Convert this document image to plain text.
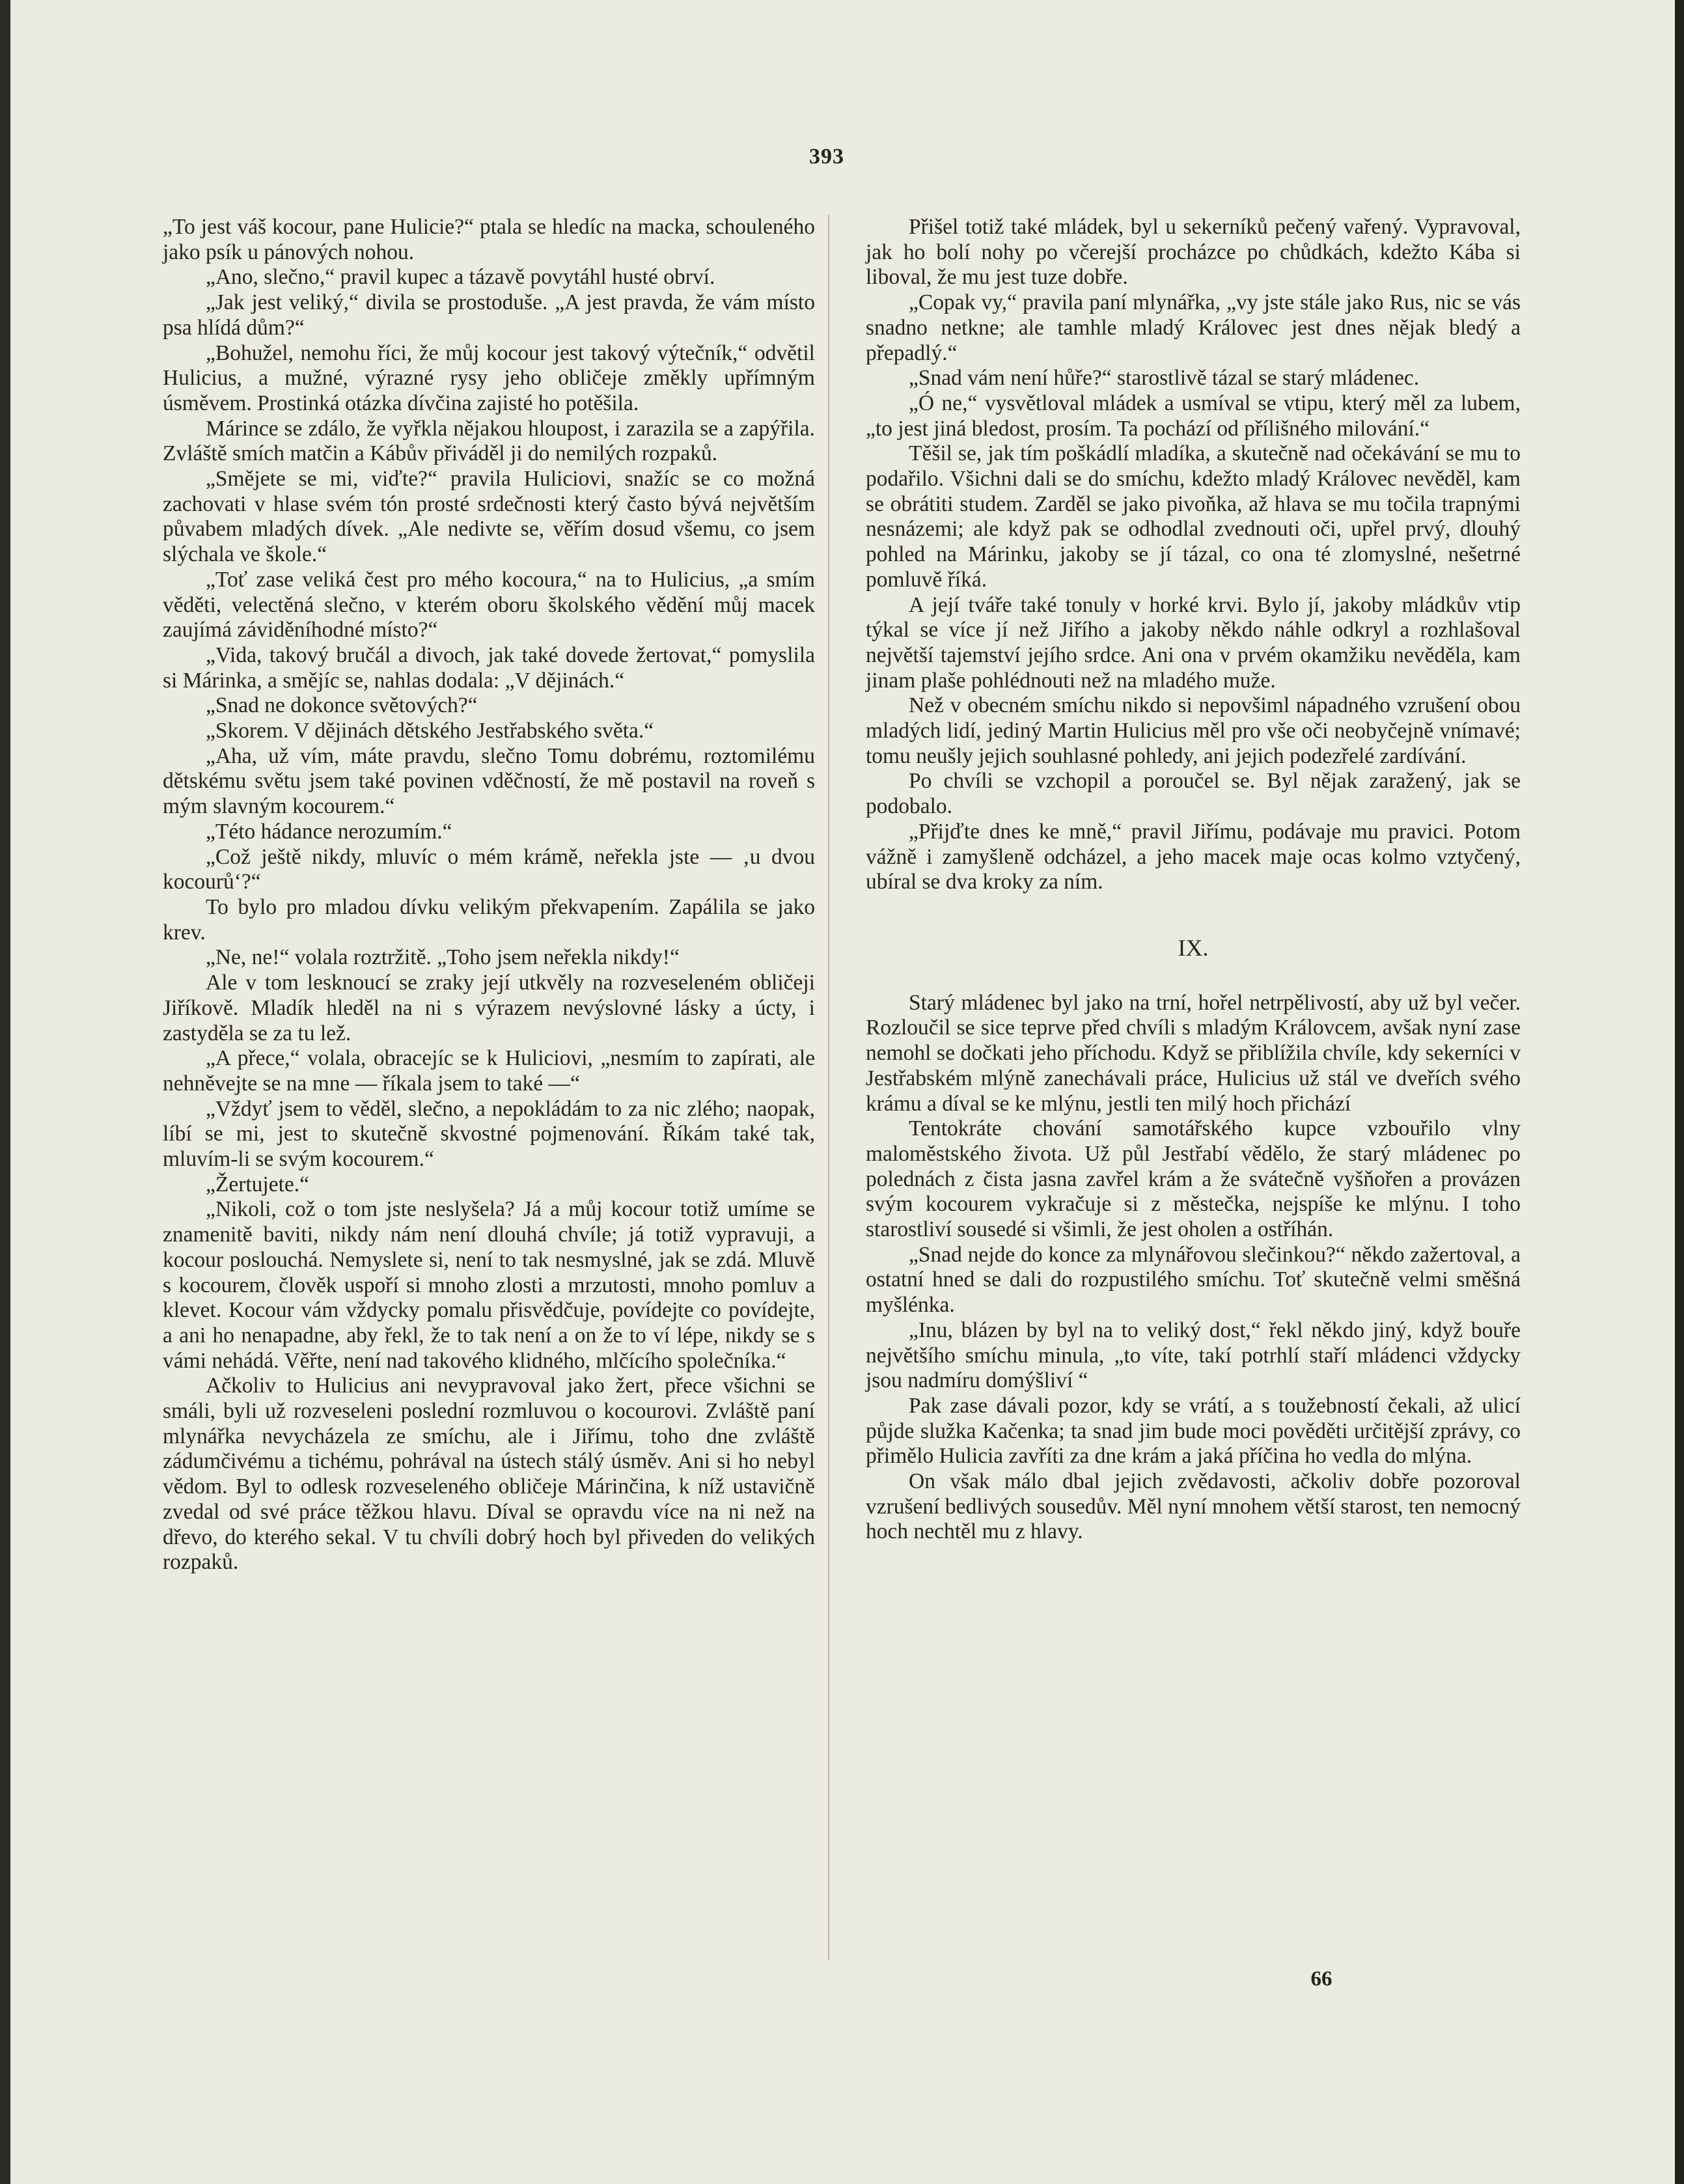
393

„To jest váš kocour, pane Hulicie?“ ptala se hledíc na macka, schouleného jako psík u pánových nohou.

„Ano, slečno,“ pravil kupec a tázavě povytáhl husté obrví.

„Jak jest veliký,“ divila se prostoduše. „A jest pravda, že vám místo psa hlídá dům?“

„Bohužel, nemohu říci, že můj kocour jest takový výtečník,“ odvětil Hulicius, a mužné, výrazné rysy jeho obličeje změkly upřímným úsměvem. Prostinká otázka dívčina zajisté ho potěšila.

Márince se zdálo, že vyřkla nějakou hloupost, i zarazila se a zapýřila. Zvláště smích matčin a Kábův přiváděl ji do nemilých rozpaků.

„Smějete se mi, viďte?“ pravila Huliciovi, snažíc se co možná zachovati v hlase svém tón prosté srdečnosti který často bývá největším půvabem mladých dívek. „Ale nedivte se, věřím dosud všemu, co jsem slýchala ve škole.“

„Toť zase veliká čest pro mého kocoura,“ na to Hulicius, „a smím věděti, velectěná slečno, v kterém oboru školského vědění můj macek zaujímá záviděníhodné místo?“

„Vida, takový bručál a divoch, jak také dovede žertovat,“ pomyslila si Márinka, a smějíc se, nahlas dodala: „V dějinách.“

„Snad ne dokonce světových?“

„Skorem. V dějinách dětského Jestřabského světa.“

„Aha, už vím, máte pravdu, slečno Tomu dobrému, roztomilému dětskému světu jsem také povinen vděčností, že mě postavil na roveň s mým slavným kocourem.“

„Této hádance nerozumím.“

„Což ještě nikdy, mluvíc o mém krámě, neřekla jste — ‚u dvou kocourů‘?“

To bylo pro mladou dívku velikým překvapením. Zapálila se jako krev.

„Ne, ne!“ volala roztržitě. „Toho jsem neřekla nikdy!“

Ale v tom lesknoucí se zraky její utkvěly na rozveseleném obličeji Jiříkově. Mladík hleděl na ni s výrazem nevýslovné lásky a úcty, i zastyděla se za tu lež.

„A přece,“ volala, obracejíc se k Huliciovi, „nesmím to zapírati, ale nehněvejte se na mne — říkala jsem to také —“

„Vždyť jsem to věděl, slečno, a nepokládám to za nic zlého; naopak, líbí se mi, jest to skutečně skvostné pojmenování. Říkám také tak, mluvím-li se svým kocourem.“

„Žertujete.“

„Nikoli, což o tom jste neslyšela? Já a můj kocour totiž umíme se znamenitě baviti, nikdy nám není dlouhá chvíle; já totiž vypravuji, a kocour poslouchá. Nemyslete si, není to tak nesmyslné, jak se zdá. Mluvě s kocourem, člověk uspoří si mnoho zlosti a mrzutosti, mnoho pomluv a klevet. Kocour vám vždycky pomalu přisvědčuje, povídejte co povídejte, a ani ho nenapadne, aby řekl, že to tak není a on že to ví lépe, nikdy se s vámi nehádá. Věřte, není nad takového klidného, mlčícího společníka.“

Ačkoliv to Hulicius ani nevypravoval jako žert, přece všichni se smáli, byli už rozveseleni poslední rozmluvou o kocourovi. Zvláště paní mlynářka nevycházela ze smíchu, ale i Jiřímu, toho dne zvláště zádumčivému a tichému, pohrával na ústech stálý úsměv. Ani si ho nebyl vědom. Byl to odlesk rozveseleného obličeje Márinčina, k níž ustavičně zvedal od své práce těžkou hlavu. Díval se opravdu více na ni než na dřevo, do kterého sekal. V tu chvíli dobrý hoch byl přiveden do velikých rozpaků.

Přišel totiž také mládek, byl u sekerníků pečený vařený. Vypravoval, jak ho bolí nohy po včerejší procházce po chůdkách, kdežto Kába si liboval, že mu jest tuze dobře.

„Copak vy,“ pravila paní mlynářka, „vy jste stále jako Rus, nic se vás snadno netkne; ale tamhle mladý Královec jest dnes nějak bledý a přepadlý.“

„Snad vám není hůře?“ starostlivě tázal se starý mládenec.

„Ó ne,“ vysvětloval mládek a usmíval se vtipu, který měl za lubem, „to jest jiná bledost, prosím. Ta pochází od přílišného milování.“

Těšil se, jak tím poškádlí mladíka, a skutečně nad očekávání se mu to podařilo. Všichni dali se do smíchu, kdežto mladý Královec nevěděl, kam se obrátiti studem. Zarděl se jako pivoňka, až hlava se mu točila trapnými nesnázemi; ale když pak se odhodlal zvednouti oči, upřel prvý, dlouhý pohled na Márinku, jakoby se jí tázal, co ona té zlomyslné, nešetrné pomluvě říká.

A její tváře také tonuly v horké krvi. Bylo jí, jakoby mládkův vtip týkal se více jí než Jiřího a jakoby někdo náhle odkryl a rozhlašoval největší tajemství jejího srdce. Ani ona v prvém okamžiku nevěděla, kam jinam plaše pohlédnouti než na mladého muže.

Než v obecném smíchu nikdo si nepovšiml nápadného vzrušení obou mladých lidí, jediný Martin Hulicius měl pro vše oči neobyčejně vnímavé; tomu neušly jejich souhlasné pohledy, ani jejich podezřelé zardívání.

Po chvíli se vzchopil a poroučel se. Byl nějak zaražený, jak se podobalo.

„Přijďte dnes ke mně,“ pravil Jiřímu, podávaje mu pravici. Potom vážně i zamyšleně odcházel, a jeho macek maje ocas kolmo vztyčený, ubíral se dva kroky za ním.

IX.

Starý mládenec byl jako na trní, hořel netrpělivostí, aby už byl večer. Rozloučil se sice teprve před chvíli s mladým Královcem, avšak nyní zase nemohl se dočkati jeho příchodu. Když se přiblížila chvíle, kdy sekerníci v Jestřabském mlýně zanechávali práce, Hulicius už stál ve dveřích svého krámu a díval se ke mlýnu, jestli ten milý hoch přichází

Tentokráte chování samotářského kupce vzbouřilo vlny maloměstského života. Už půl Jestřabí vědělo, že starý mládenec po polednách z čista jasna zavřel krám a že svátečně vyšňořen a provázen svým kocourem vykračuje si z městečka, nejspíše ke mlýnu. I toho starostliví sousedé si všimli, že jest oholen a ostříhán.

„Snad nejde do konce za mlynářovou slečinkou?“ někdo zažertoval, a ostatní hned se dali do rozpustilého smíchu. Toť skutečně velmi směšná myšlénka.

„Inu, blázen by byl na to veliký dost,“ řekl někdo jiný, když bouře největšího smíchu minula, „to víte, takí potrhlí staří mládenci vždycky jsou nadmíru domýšliví “

Pak zase dávali pozor, kdy se vrátí, a s toužebností čekali, až ulicí půjde služka Kačenka; ta snad jim bude moci pověděti určitější zprávy, co přimělo Hulicia zavříti za dne krám a jaká příčina ho vedla do mlýna.

On však málo dbal jejich zvědavosti, ačkoliv dobře pozoroval vzrušení bedlivých sousedův. Měl nyní mnohem větší starost, ten nemocný hoch nechtěl mu z hlavy.

66
